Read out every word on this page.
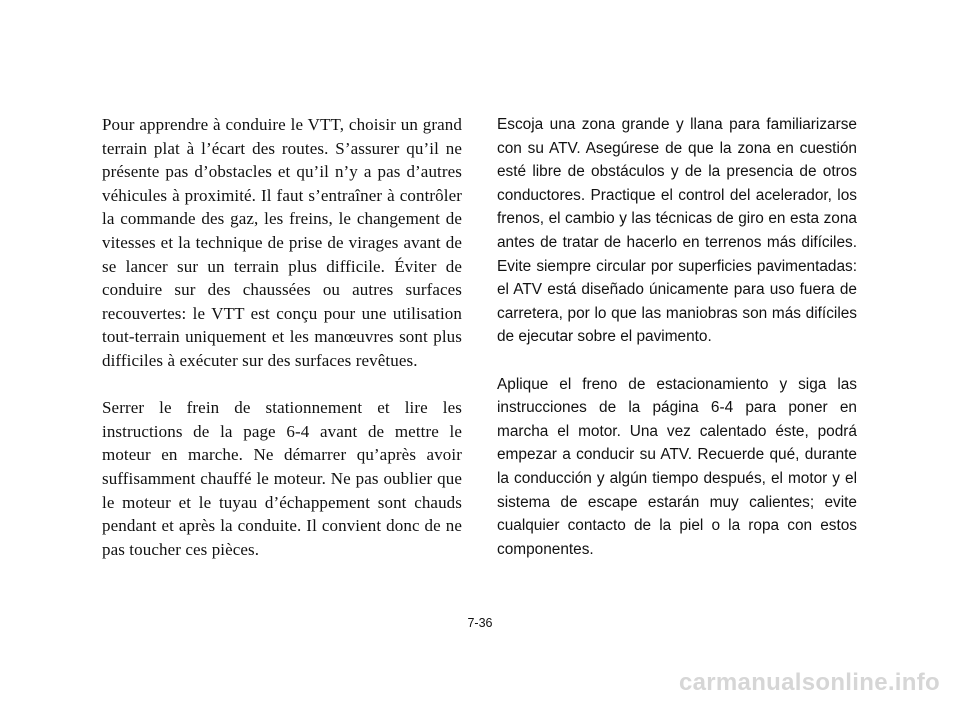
Pour apprendre à conduire le VTT, choisir un grand terrain plat à l’écart des routes. S’assurer qu’il ne présente pas d’obstacles et qu’il n’y a pas d’autres véhicules à proximité. Il faut s’entraîner à contrôler la commande des gaz, les freins, le changement de vitesses et la technique de prise de virages avant de se lancer sur un terrain plus difficile. Éviter de conduire sur des chaussées ou autres surfaces recouvertes: le VTT est conçu pour une utilisation tout-terrain uniquement et les manœuvres sont plus difficiles à exécuter sur des surfaces revêtues.

Serrer le frein de stationnement et lire les instructions de la page 6-4 avant de mettre le moteur en marche. Ne démarrer qu’après avoir suffisamment chauffé le moteur. Ne pas oublier que le moteur et le tuyau d’échappement sont chauds pendant et après la conduite. Il convient donc de ne pas toucher ces pièces.

Escoja una zona grande y llana para familiarizarse con su ATV. Asegúrese de que la zona en cuestión esté libre de obstáculos y de la presencia de otros conductores. Practique el control del acelerador, los frenos, el cambio y las técnicas de giro en esta zona antes de tratar de hacerlo en terrenos más difíciles. Evite siempre circular por superficies pavimentadas: el ATV está diseñado únicamente para uso fuera de carretera, por lo que las maniobras son más difíciles de ejecutar sobre el pavimento.

Aplique el freno de estacionamiento y siga las instrucciones de la página 6-4 para poner en marcha el motor. Una vez calentado éste, podrá empezar a conducir su ATV. Recuerde qué, durante la conducción y algún tiempo después, el motor y el sistema de escape estarán muy calientes; evite cualquier contacto de la piel o la ropa con estos componentes.

7-36
carmanualsonline.info
